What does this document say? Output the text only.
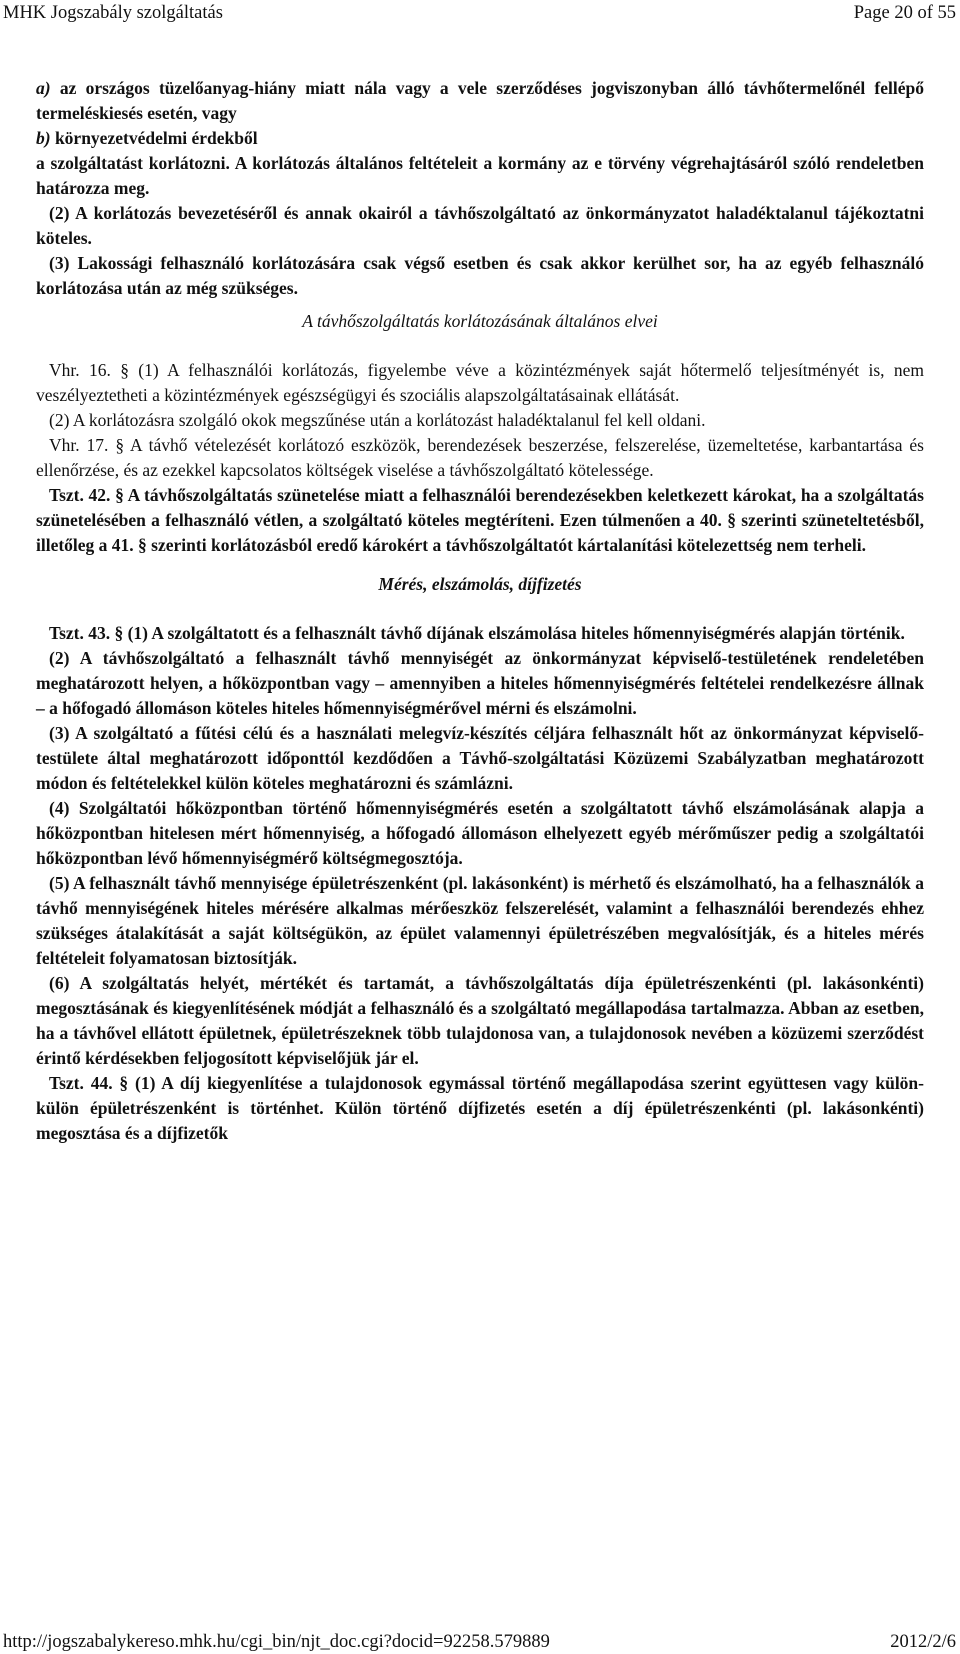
MHK Jogszabály szolgáltatás	Page 20 of 55

a) az országos tüzelőanyag-hiány miatt nála vagy a vele szerződéses jogviszonyban álló távhőtermelőnél fellépő termeléskiesés esetén, vagy
b) környezetvédelmi érdekből
a szolgáltatást korlátozni. A korlátozás általános feltételeit a kormány az e törvény végrehajtásáról szóló rendeletben határozza meg.

(2) A korlátozás bevezetéséről és annak okairól a távhőszolgáltató az önkormányzatot haladéktalanul tájékoztatni köteles.

(3) Lakossági felhasználó korlátozására csak végső esetben és csak akkor kerülhet sor, ha az egyéb felhasználó korlátozása után az még szükséges.

A távhőszolgáltatás korlátozásának általános elvei

Vhr. 16. § (1) A felhasználói korlátozás, figyelembe véve a közintézmények saját hőtermelő teljesítményét is, nem veszélyeztetheti a közintézmények egészségügyi és szociális alapszolgáltatásainak ellátását.

(2) A korlátozásra szolgáló okok megszűnése után a korlátozást haladéktalanul fel kell oldani.

Vhr. 17. § A távhő vételezését korlátozó eszközök, berendezések beszerzése, felszerelése, üzemeltetése, karbantartása és ellenőrzése, és az ezekkel kapcsolatos költségek viselése a távhőszolgáltató kötelessége.

Tszt. 42. § A távhőszolgáltatás szünetelése miatt a felhasználói berendezésekben keletkezett károkat, ha a szolgáltatás szünetelésében a felhasználó vétlen, a szolgáltató köteles megtéríteni. Ezen túlmenően a 40. § szerinti szüneteltetésből, illetőleg a 41. § szerinti korlátozásból eredő károkért a távhőszolgáltatót kártalanítási kötelezettség nem terheli.

Mérés, elszámolás, díjfizetés

Tszt. 43. § (1) A szolgáltatott és a felhasznált távhő díjának elszámolása hiteles hőmennyiségmérés alapján történik.

(2) A távhőszolgáltató a felhasznált távhő mennyiségét az önkormányzat képviselő-testületének rendeletében meghatározott helyen, a hőközpontban vagy – amennyiben a hiteles hőmennyiségmérés feltételei rendelkezésre állnak – a hőfogadó állomáson köteles hiteles hőmennyiségmérővel mérni és elszámolni.

(3) A szolgáltató a fűtési célú és a használati melegvíz-készítés céljára felhasznált hőt az önkormányzat képviselő-testülete által meghatározott időponttól kezdődően a Távhő-szolgáltatási Közüzemi Szabályzatban meghatározott módon és feltételekkel külön köteles meghatározni és számlázni.

(4) Szolgáltatói hőközpontban történő hőmennyiségmérés esetén a szolgáltatott távhő elszámolásának alapja a hőközpontban hitelesen mért hőmennyiség, a hőfogadó állomáson elhelyezett egyéb mérőműszer pedig a szolgáltatói hőközpontban lévő hőmennyiségmérő költségmegosztója.

(5) A felhasznált távhő mennyisége épületrészenként (pl. lakásonként) is mérhető és elszámolható, ha a felhasználók a távhő mennyiségének hiteles mérésére alkalmas mérőeszköz felszerelését, valamint a felhasználói berendezés ehhez szükséges átalakítását a saját költségükön, az épület valamennyi épületrészében megvalósítják, és a hiteles mérés feltételeit folyamatosan biztosítják.

(6) A szolgáltatás helyét, mértékét és tartamát, a távhőszolgáltatás díja épületrészenkénti (pl. lakásonkénti) megosztásának és kiegyenlítésének módját a felhasználó és a szolgáltató megállapodása tartalmazza. Abban az esetben, ha a távhővel ellátott épületnek, épületrészeknek több tulajdonosa van, a tulajdonosok nevében a közüzemi szerződést érintő kérdésekben feljogosított képviselőjük jár el.

Tszt. 44. § (1) A díj kiegyenlítése a tulajdonosok egymással történő megállapodása szerint együttesen vagy külön-külön épületrészenként is történhet. Külön történő díjfizetés esetén a díj épületrészenkénti (pl. lakásonkénti) megosztása és a díjfizetők

http://jogszabalykereso.mhk.hu/cgi_bin/njt_doc.cgi?docid=92258.579889	2012/2/6
